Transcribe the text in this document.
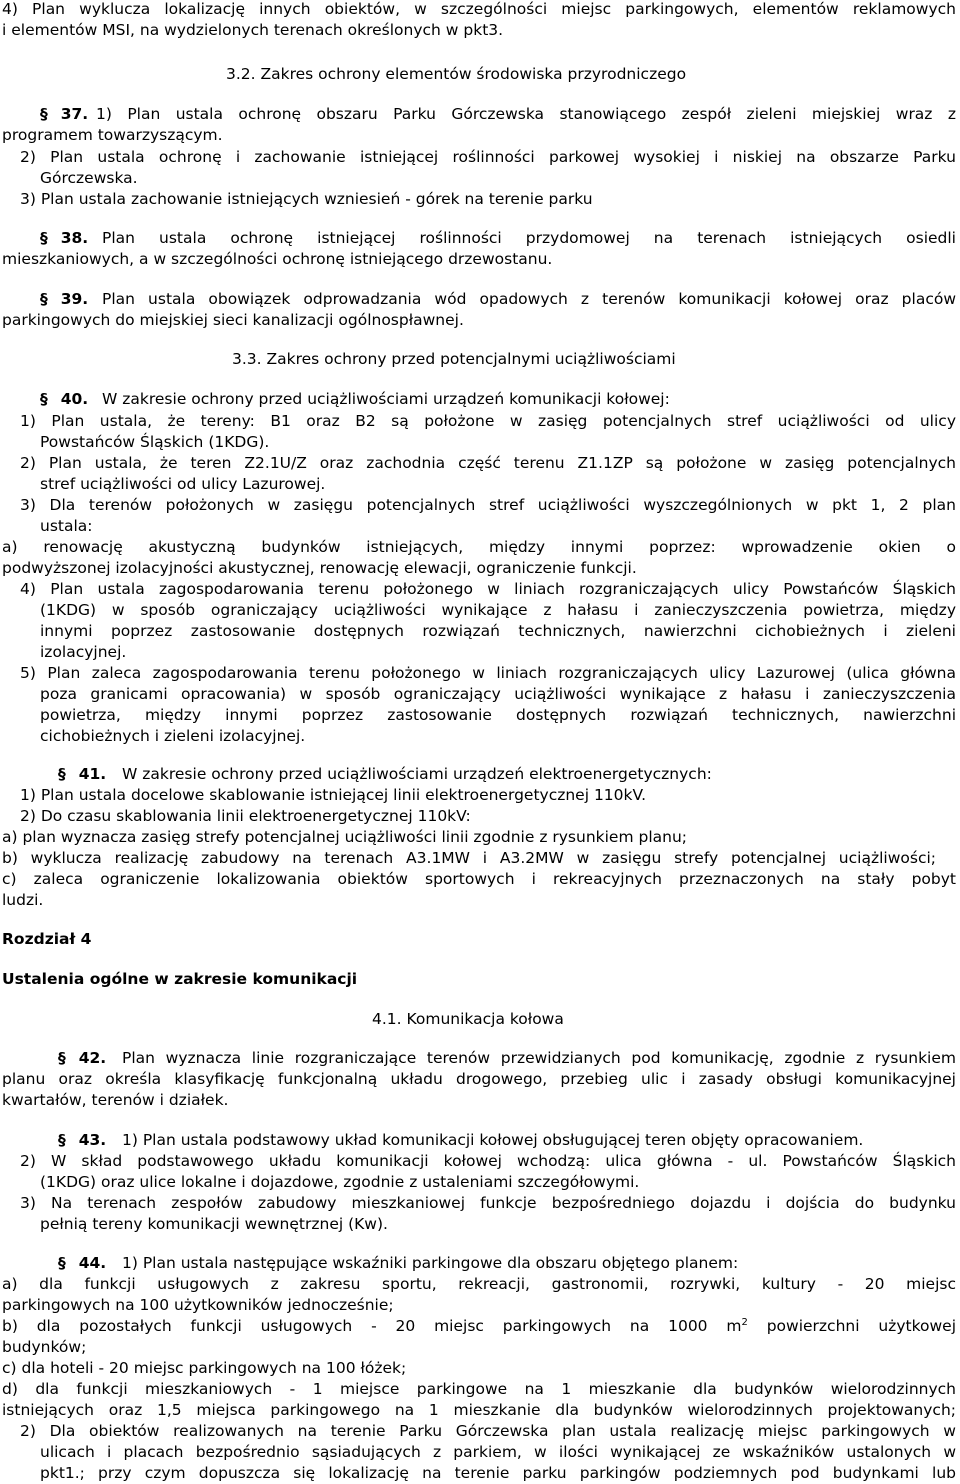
4) Plan wyklucza lokalizację innych obiektów, w szczególności miejsc parkingowych, elementów reklamowych
i elementów MSI, na wydzielonych terenach określonych w pkt3.
3.2. Zakres ochrony elementów środowiska przyrodniczego
§ 37. 1) Plan ustala ochronę obszaru Parku Górczewska stanowiącego zespół zieleni miejskiej wraz z
programem towarzyszącym.
2) Plan ustala ochronę i zachowanie istniejącej roślinności parkowej wysokiej i niskiej na obszarze Parku
Górczewska.
3) Plan ustala zachowanie istniejących wzniesień - górek na terenie parku
§ 38. Plan ustala ochronę istniejącej roślinności przydomowej na terenach istniejących osiedli
mieszkaniowych, a w szczególności ochronę istniejącego drzewostanu.
§ 39. Plan ustala obowiązek odprowadzania wód opadowych z terenów komunikacji kołowej oraz placów
parkingowych do miejskiej sieci kanalizacji ogólnospławnej.
3.3. Zakres ochrony przed potencjalnymi uciążliwościami
§ 40. W zakresie ochrony przed uciążliwościami urządzeń komunikacji kołowej:
1) Plan ustala, że tereny: B1 oraz B2 są położone w zasięg potencjalnych stref uciążliwości od ulicy
Powstańców Śląskich (1KDG).
2) Plan ustala, że teren Z2.1U/Z oraz zachodnia część terenu Z1.1ZP są położone w zasięg potencjalnych
stref uciążliwości od ulicy Lazurowej.
3) Dla terenów położonych w zasięgu potencjalnych stref uciążliwości wyszczególnionych w pkt 1, 2 plan
ustala:
a) renowację akustyczną budynków istniejących, między innymi poprzez: wprowadzenie okien o
podwyższonej izolacyjności akustycznej, renowację elewacji, ograniczenie funkcji.
4) Plan ustala zagospodarowania terenu położonego w liniach rozgraniczających ulicy Powstańców Śląskich
(1KDG) w sposób ograniczający uciążliwości wynikające z hałasu i zanieczyszczenia powietrza, między
innymi poprzez zastosowanie dostępnych rozwiązań technicznych, nawierzchni cichobieżnych i zieleni
izolacyjnej.
5) Plan zaleca zagospodarowania terenu położonego w liniach rozgraniczających ulicy Lazurowej (ulica główna
poza granicami opracowania) w sposób ograniczający uciążliwości wynikające z hałasu i zanieczyszczenia
powietrza, między innymi poprzez zastosowanie dostępnych rozwiązań technicznych, nawierzchni
cichobieżnych i zieleni izolacyjnej.
§ 41. W zakresie ochrony przed uciążliwościami urządzeń elektroenergetycznych:
1) Plan ustala docelowe skablowanie istniejącej linii elektroenergetycznej 110kV.
2) Do czasu skablowania linii elektroenergetycznej 110kV:
a) plan wyznacza zasięg strefy potencjalnej uciążliwości linii zgodnie z rysunkiem planu;
b) wyklucza realizację zabudowy na terenach A3.1MW i A3.2MW w zasięgu strefy potencjalnej uciążliwości;
c) zaleca ograniczenie lokalizowania obiektów sportowych i rekreacyjnych przeznaczonych na stały pobyt
ludzi.
Rozdział 4
Ustalenia ogólne w zakresie komunikacji
4.1. Komunikacja kołowa
§ 42. Plan wyznacza linie rozgraniczające terenów przewidzianych pod komunikację, zgodnie z rysunkiem
planu oraz określa klasyfikację funkcjonalną układu drogowego, przebieg ulic i zasady obsługi komunikacyjnej
kwartałów, terenów i działek.
§ 43. 1) Plan ustala podstawowy układ komunikacji kołowej obsługującej teren objęty opracowaniem.
2) W skład podstawowego układu komunikacji kołowej wchodzą: ulica główna - ul. Powstańców Śląskich
(1KDG) oraz ulice lokalne i dojazdowe, zgodnie z ustaleniami szczegółowymi.
3) Na terenach zespołów zabudowy mieszkaniowej funkcje bezpośredniego dojazdu i dojścia do budynku
pełnią tereny komunikacji wewnętrznej (Kw).
§ 44. 1) Plan ustala następujące wskaźniki parkingowe dla obszaru objętego planem:
a) dla funkcji usługowych z zakresu sportu, rekreacji, gastronomii, rozrywki, kultury - 20 miejsc
parkingowych na 100 użytkowników jednocześnie;
b) dla pozostałych funkcji usługowych - 20 miejsc parkingowych na 1000 $m^2$ powierzchni użytkowej
budynków;
c) dla hoteli - 20 miejsc parkingowych na 100 łóżek;
d) dla funkcji mieszkaniowych - 1 miejsce parkingowe na 1 mieszkanie dla budynków wielorodzinnych
istniejących oraz 1,5 miejsca parkingowego na 1 mieszkanie dla budynków wielorodzinnych projektowanych;
2) Dla obiektów realizowanych na terenie Parku Górczewska plan ustala realizację miejsc parkingowych w
ulicach i placach bezpośrednio sąsiadujących z parkiem, w ilości wynikającej ze wskaźników ustalonych w
pkt1.; przy czym dopuszcza się lokalizację na terenie parku parkingów podziemnych pod budynkami lub
